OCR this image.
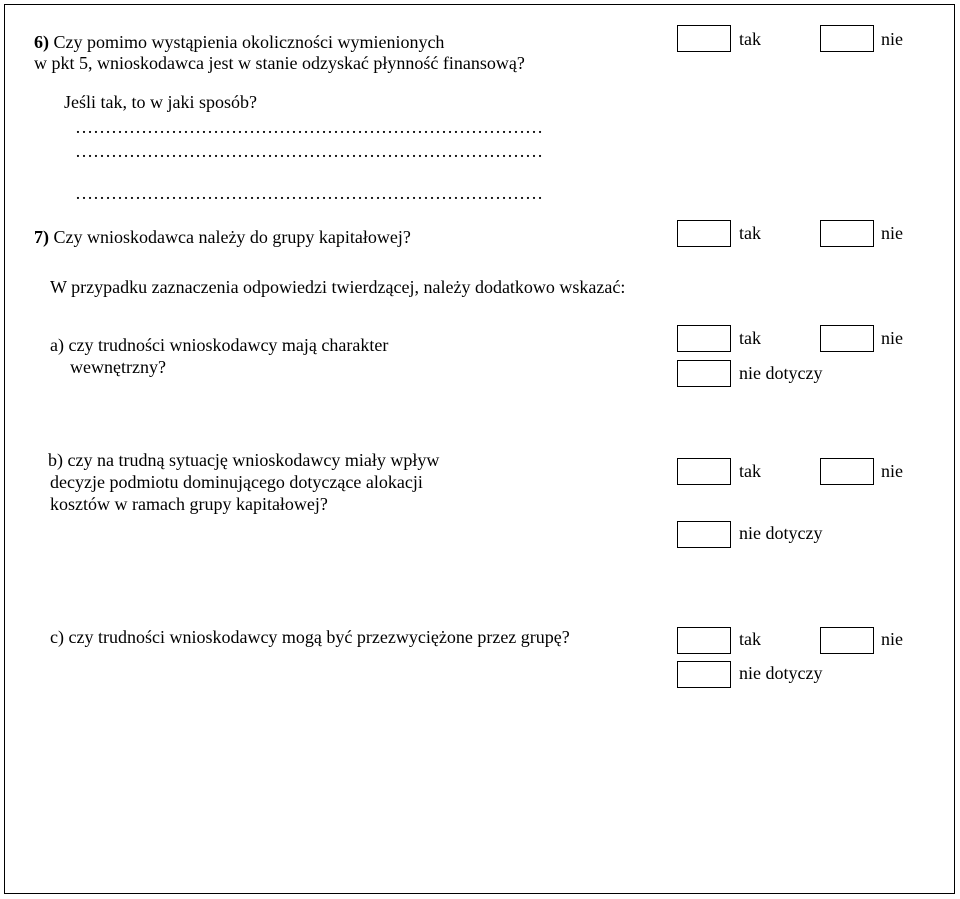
6) Czy pomimo wystąpienia okoliczności wymienionych
w pkt 5, wnioskodawca jest w stanie odzyskać płynność finansową?
Jeśli tak, to w jaki sposób?
……………………………………………………………………
……………………………………………………………………
……………………………………………………………………
tak	nie
7) Czy wnioskodawca należy do grupy kapitałowej?	tak	nie
W przypadku zaznaczenia odpowiedzi twierdzącej, należy dodatkowo wskazać:
a) czy trudności wnioskodawcy mają charakter
wewnętrzny?
tak	nie
nie dotyczy
b) czy na trudną sytuację wnioskodawcy miały wpływ
decyzje podmiotu dominującego dotyczące alokacji
kosztów w ramach grupy kapitałowej?
tak	nie
nie dotyczy
c) czy trudności wnioskodawcy mogą być przezwyciężone przez grupę?	tak	nie
nie dotyczy
